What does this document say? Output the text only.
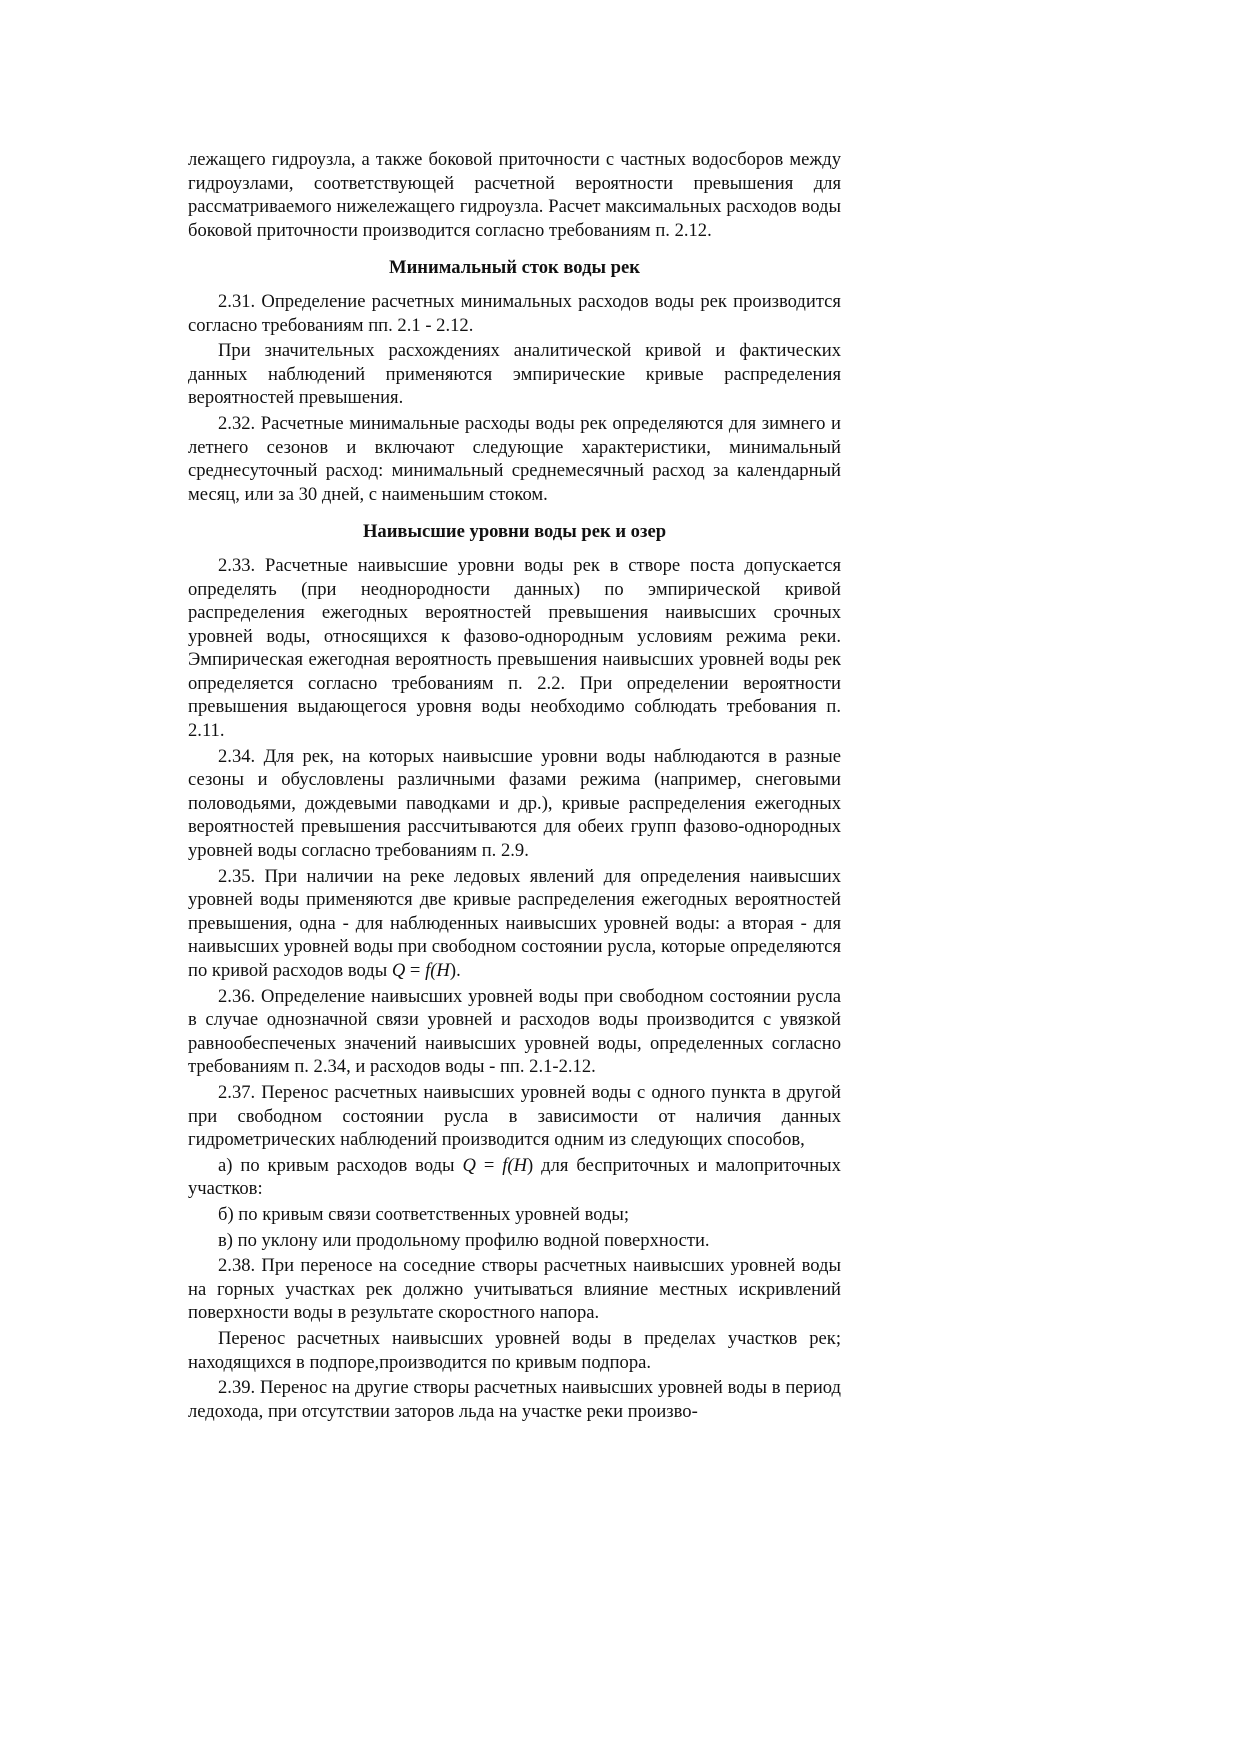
лежащего гидроузла, а также боковой приточности с частных водосборов между гидроузлами, соответствующей расчетной вероятности превышения для рассматриваемого нижележащего гидроузла. Расчет максимальных расходов воды боковой приточности производится согласно требованиям п. 2.12.

Минимальный сток воды рек

2.31. Определение расчетных минимальных расходов воды рек производится согласно требованиям пп. 2.1 - 2.12.

При значительных расхождениях аналитической кривой и фактических данных наблюдений применяются эмпирические кривые распределения вероятностей превышения.

2.32. Расчетные минимальные расходы воды рек определяются для зимнего и летнего сезонов и включают следующие характеристики, минимальный среднесуточный расход: минимальный среднемесячный расход за календарный месяц, или за 30 дней, с наименьшим стоком.

Наивысшие уровни воды рек и озер

2.33. Расчетные наивысшие уровни воды рек в створе поста допускается определять (при неоднородности данных) по эмпирической кривой распределения ежегодных вероятностей превышения наивысших срочных уровней воды, относящихся к фазово-однородным условиям режима реки. Эмпирическая ежегодная вероятность превышения наивысших уровней воды рек определяется согласно требованиям п. 2.2. При определении вероятности превышения выдающегося уровня воды необходимо соблюдать требования п. 2.11.

2.34. Для рек, на которых наивысшие уровни воды наблюдаются в разные сезоны и обусловлены различными фазами режима (например, снеговыми половодьями, дождевыми паводками и др.), кривые распределения ежегодных вероятностей превышения рассчитываются для обеих групп фазово-однородных уровней воды согласно требованиям п. 2.9.

2.35. При наличии на реке ледовых явлений для определения наивысших уровней воды применяются две кривые распределения ежегодных вероятностей превышения, одна - для наблюденных наивысших уровней воды: а вторая - для наивысших уровней воды при свободном состоянии русла, которые определяются по кривой расходов воды Q = f(H).

2.36. Определение наивысших уровней воды при свободном состоянии русла в случае однозначной связи уровней и расходов воды производится с увязкой равнообеспеченых значений наивысших уровней воды, определенных согласно требованиям п. 2.34, и расходов воды - пп. 2.1-2.12.

2.37. Перенос расчетных наивысших уровней воды с одного пункта в другой при свободном состоянии русла в зависимости от наличия данных гидрометрических наблюдений производится одним из следующих способов,

а) по кривым расходов воды Q = f(H) для бесприточных и малоприточных участков:

б) по кривым связи соответственных уровней воды;

в) по уклону или продольному профилю водной поверхности.

2.38. При переносе на соседние створы расчетных наивысших уровней воды на горных участках рек должно учитываться влияние местных искривлений поверхности воды в результате скоростного напора.

Перенос расчетных наивысших уровней воды в пределах участков рек; находящихся в подпоре,производится по кривым подпора.

2.39. Перенос на другие створы расчетных наивысших уровней воды в период ледохода, при отсутствии заторов льда на участке реки произво-
